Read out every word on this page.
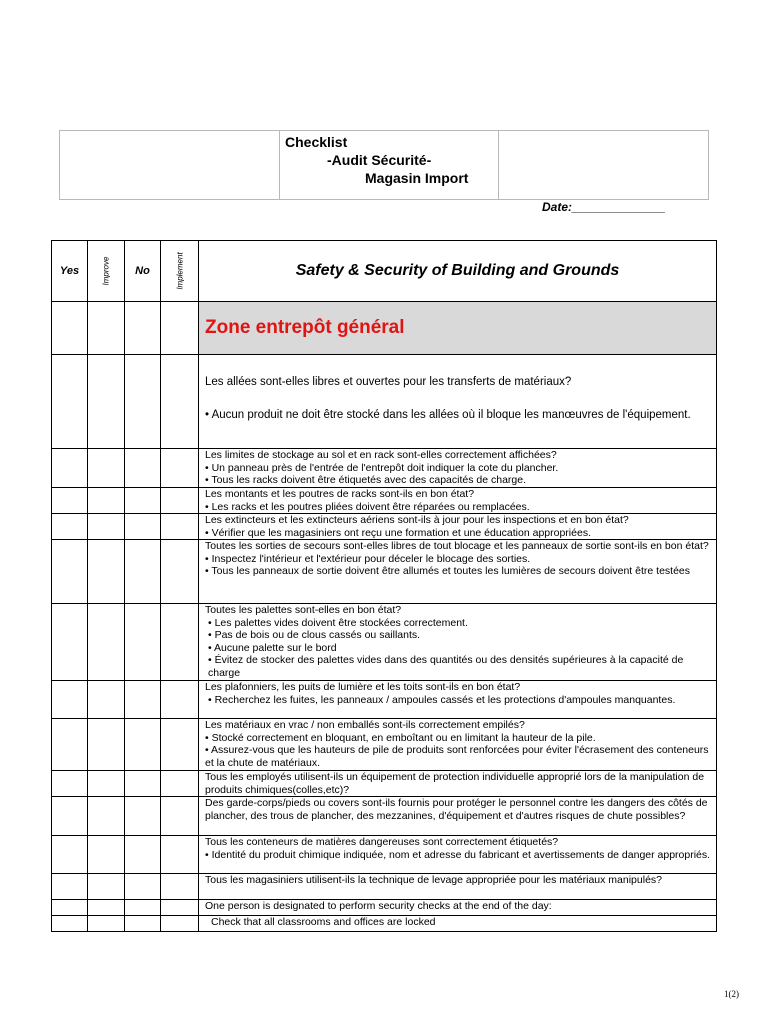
Checklist
-Audit Sécurité-
Magasin Import

Date:______________
Yes	Improve	No	Implement	Safety & Security of Building and Grounds
				Zone entrepôt général

				Les allées sont-elles libres et ouvertes pour les transferts de matériaux?
• Aucun produit ne doit être stocké dans les allées où il bloque les manœuvres de l'équipement.

				Les limites de stockage au sol et en rack sont-elles correctement affichées?
• Un panneau près de l'entrée de l'entrepôt doit indiquer la cote du plancher.
• Tous les racks doivent être étiquetés avec des capacités de charge.

				Les montants et les poutres de racks sont-ils en bon état?
• Les racks et les poutres pliées doivent être réparées ou remplacées.

				Les extincteurs et les extincteurs aériens sont-ils à jour pour les inspections et en bon état?
• Vérifier que les magasiniers ont reçu une formation et une éducation appropriées.

				Toutes les sorties de secours sont-elles libres de tout blocage et les panneaux de sortie sont-ils en bon état?
• Inspectez l'intérieur et l'extérieur pour déceler le blocage des sorties.
• Tous les panneaux de sortie doivent être allumés et toutes les lumières de secours doivent être testées

				Toutes les palettes sont-elles en bon état?
• Les palettes vides doivent être stockées correctement.
• Pas de bois ou de clous cassés ou saillants.
• Aucune palette sur le bord
• Évitez de stocker des palettes vides dans des quantités ou des densités supérieures à la capacité de charge

				Les plafonniers, les puits de lumière et les toits sont-ils en bon état?
• Recherchez les fuites, les panneaux / ampoules cassés et les protections d'ampoules manquantes.

				Les matériaux en vrac / non emballés sont-ils correctement empilés?
• Stocké correctement en bloquant, en emboîtant ou en limitant la hauteur de la pile.
• Assurez-vous que les hauteurs de pile de produits sont renforcées pour éviter l'écrasement des conteneurs et la chute de matériaux.

				Tous les employés utilisent-ils un équipement de protection individuelle approprié lors de la manipulation de produits chimiques(colles,etc)?

				Des garde-corps/pieds ou covers sont-ils fournis pour protéger le personnel contre les dangers des côtés de plancher, des trous de plancher, des mezzanines, d'équipement et d'autres risques de chute possibles?

				Tous les conteneurs de matières dangereuses sont correctement étiquetés?
• Identité du produit chimique indiquée, nom et adresse du fabricant et avertissements de danger appropriés.

				Tous les magasiniers utilisent-ils la technique de levage appropriée pour les matériaux manipulés?

				One person is designated to perform security checks at the end of the day:

				Check that all classrooms and offices are locked
1(2)
